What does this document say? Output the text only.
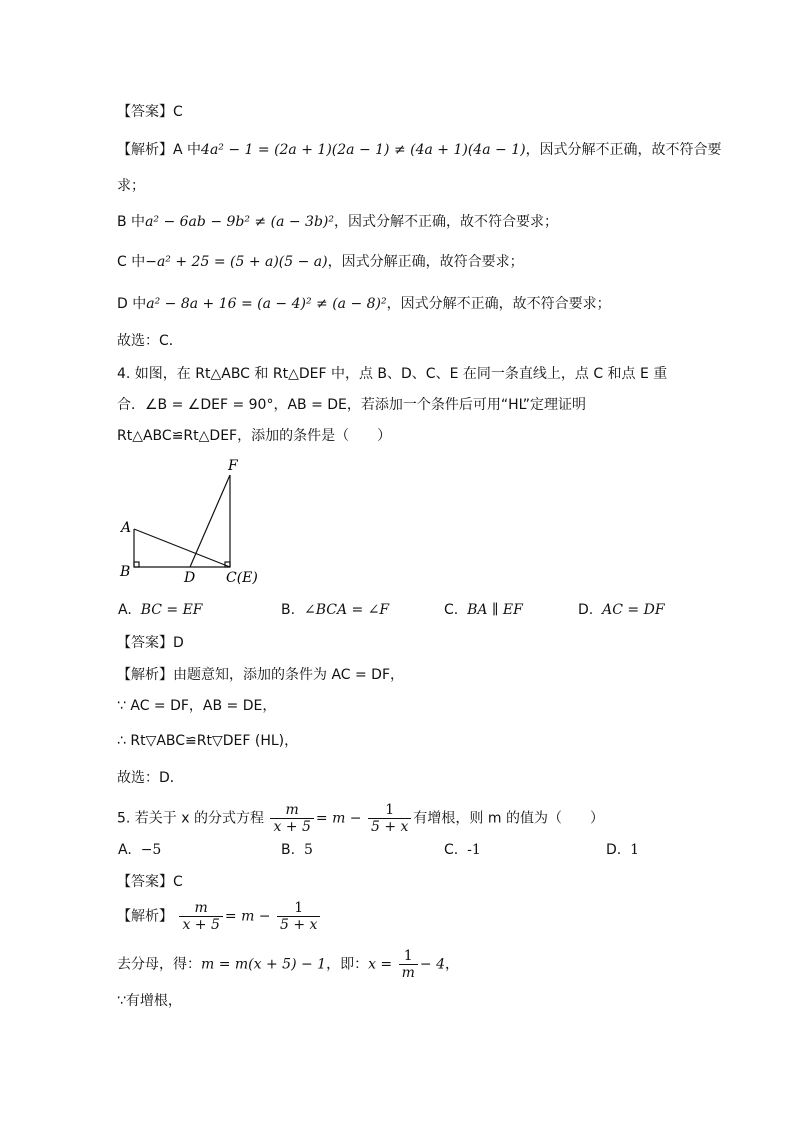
【答案】C
【解析】A 中4a² − 1 = (2a + 1)(2a − 1) ≠ (4a + 1)(4a − 1)，因式分解不正确，故不符合要
求；
B 中a² − 6ab − 9b² ≠ (a − 3b)²，因式分解不正确，故不符合要求；
C 中−a² + 25 = (5 + a)(5 − a)，因式分解正确，故符合要求；
D 中a² − 8a + 16 = (a − 4)² ≠ (a − 8)²，因式分解不正确，故不符合要求；
故选：C．
4. 如图，在 Rt△ABC 和 Rt△DEF 中，点 B、D、C、E 在同一条直线上，点 C 和点 E 重
合．∠B = ∠DEF = 90°，AB = DE，若添加一个条件后可用“HL”定理证明
Rt△ABC≌Rt△DEF，添加的条件是（　　）
A
B	D C(E)
F
A. BC = EF	B. ∠BCA = ∠F	C. BA ∥ EF	D. AC = DF
【答案】D
【解析】由题意知，添加的条件为 AC = DF，
∵ AC = DF，AB = DE，
∴ Rt▽ABC≌Rt▽DEF (HL)，
故选：D．
5. 若关于 x 的分式方程 $\frac{m}{x + 5} = m - \frac{1}{5 + x}$ 有增根，则 m 的值为（　　）
A. −5	B. 5	C. -1	D. 1
【答案】C
【解析】 $\frac{m}{x + 5} = m - \frac{1}{5 + x}$
去分母，得：m = m(x + 5) − 1，即：$x = \frac{1}{m} - 4$，
∵有增根，
